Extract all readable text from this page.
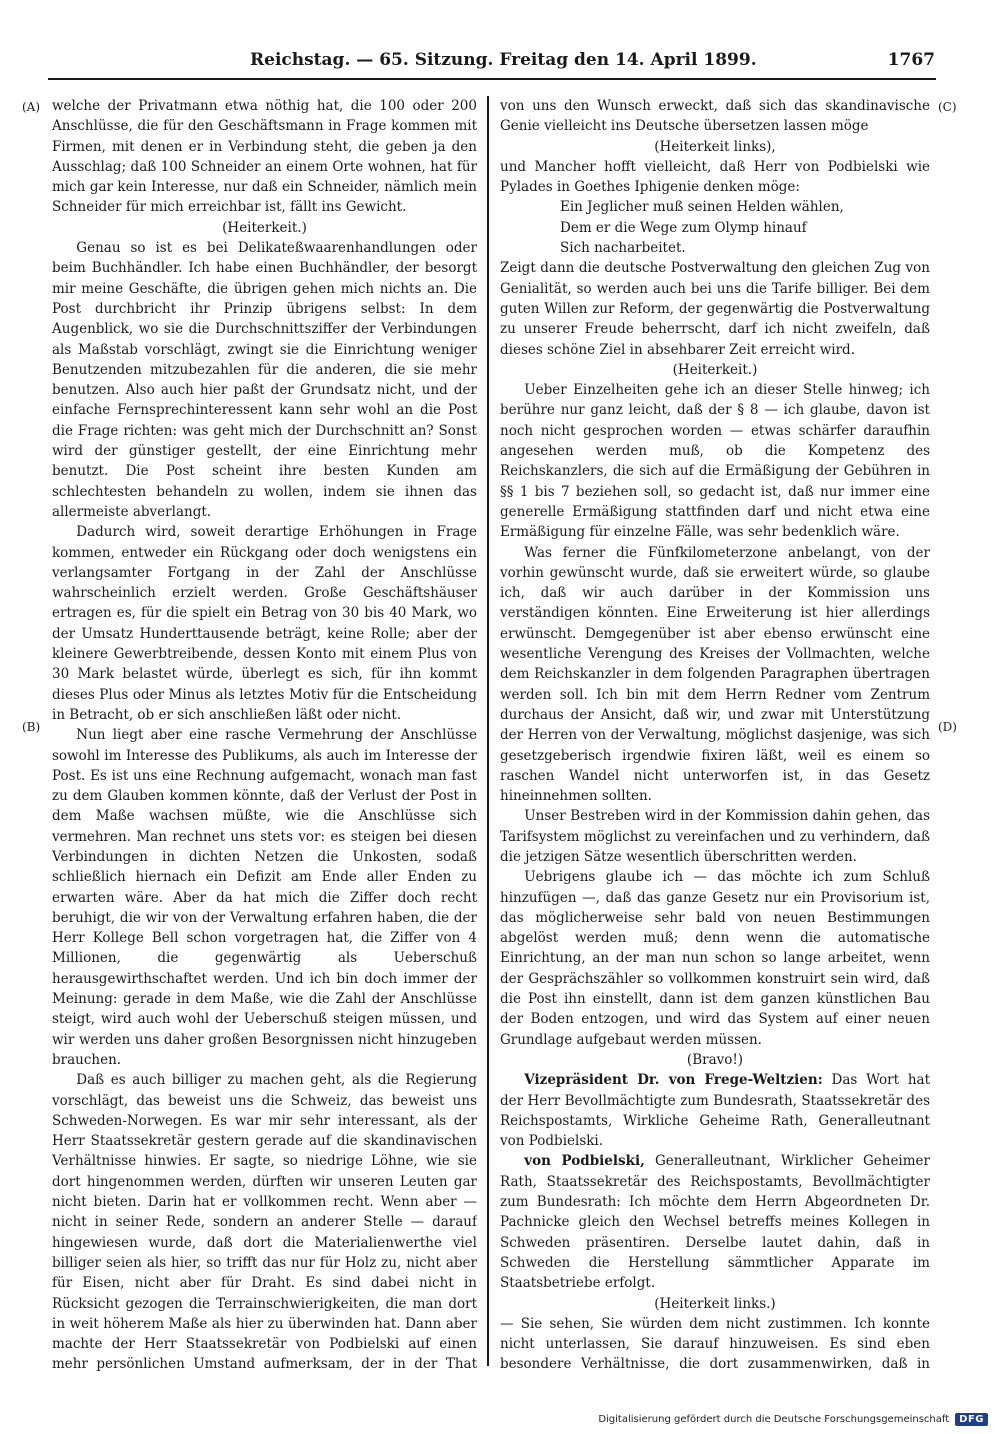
Reichstag. — 65. Sitzung. Freitag den 14. April 1899.	1767
(A)
(B)
(C)
(D)

welche der Privatmann etwa nöthig hat, die 100 oder 200 Anschlüsse, die für den Geschäftsmann in Frage kommen mit Firmen, mit denen er in Verbindung steht, die geben ja den Ausschlag; daß 100 Schneider an einem Orte wohnen, hat für mich gar kein Interesse, nur daß ein Schneider, nämlich mein Schneider für mich erreichbar ist, fällt ins Gewicht.

(Heiterkeit.)

Genau so ist es bei Delikateßwaarenhandlungen oder beim Buchhändler. Ich habe einen Buchhändler, der besorgt mir meine Geschäfte, die übrigen gehen mich nichts an. Die Post durchbricht ihr Prinzip übrigens selbst: In dem Augenblick, wo sie die Durchschnittsziffer der Verbindungen als Maßstab vorschlägt, zwingt sie die Einrichtung weniger Benutzenden mitzubezahlen für die anderen, die sie mehr benutzen. Also auch hier paßt der Grundsatz nicht, und der einfache Fernsprechinteressent kann sehr wohl an die Post die Frage richten: was geht mich der Durchschnitt an? Sonst wird der günstiger gestellt, der eine Einrichtung mehr benutzt. Die Post scheint ihre besten Kunden am schlechtesten behandeln zu wollen, indem sie ihnen das allermeiste abverlangt.

Dadurch wird, soweit derartige Erhöhungen in Frage kommen, entweder ein Rückgang oder doch wenigstens ein verlangsamter Fortgang in der Zahl der Anschlüsse wahrscheinlich erzielt werden. Große Geschäftshäuser ertragen es, für die spielt ein Betrag von 30 bis 40 Mark, wo der Umsatz Hunderttausende beträgt, keine Rolle; aber der kleinere Gewerbtreibende, dessen Konto mit einem Plus von 30 Mark belastet würde, überlegt es sich, für ihn kommt dieses Plus oder Minus als letztes Motiv für die Entscheidung in Betracht, ob er sich anschließen läßt oder nicht.

Nun liegt aber eine rasche Vermehrung der Anschlüsse sowohl im Interesse des Publikums, als auch im Interesse der Post. Es ist uns eine Rechnung aufgemacht, wonach man fast zu dem Glauben kommen könnte, daß der Verlust der Post in dem Maße wachsen müßte, wie die Anschlüsse sich vermehren. Man rechnet uns stets vor: es steigen bei diesen Verbindungen in dichten Netzen die Unkosten, sodaß schließlich hiernach ein Defizit am Ende aller Enden zu erwarten wäre. Aber da hat mich die Ziffer doch recht beruhigt, die wir von der Verwaltung erfahren haben, die der Herr Kollege Bell schon vorgetragen hat, die Ziffer von 4 Millionen, die gegenwärtig als Ueberschuß herausgewirthschaftet werden. Und ich bin doch immer der Meinung: gerade in dem Maße, wie die Zahl der Anschlüsse steigt, wird auch wohl der Ueberschuß steigen müssen, und wir werden uns daher großen Besorgnissen nicht hinzugeben brauchen.

Daß es auch billiger zu machen geht, als die Regierung vorschlägt, das beweist uns die Schweiz, das beweist uns Schweden-Norwegen. Es war mir sehr interessant, als der Herr Staatssekretär gestern gerade auf die skandinavischen Verhältnisse hinwies. Er sagte, so niedrige Löhne, wie sie dort hingenommen werden, dürften wir unseren Leuten gar nicht bieten. Darin hat er vollkommen recht. Wenn aber — nicht in seiner Rede, sondern an anderer Stelle — darauf hingewiesen wurde, daß dort die Materialienwerthe viel billiger seien als hier, so trifft das nur für Holz zu, nicht aber für Eisen, nicht aber für Draht. Es sind dabei nicht in Rücksicht gezogen die Terrainschwierigkeiten, die man dort in weit höherem Maße als hier zu überwinden hat. Dann aber machte der Herr Staatssekretär von Podbielski auf einen mehr persönlichen Umstand aufmerksam, der in der That

von uns den Wunsch erweckt, daß sich das skandinavische Genie vielleicht ins Deutsche übersetzen lassen möge

(Heiterkeit links),

und Mancher hofft vielleicht, daß Herr von Podbielski wie Pylades in Goethes Iphigenie denken möge:

Ein Jeglicher muß seinen Helden wählen,

Dem er die Wege zum Olymp hinauf

Sich nacharbeitet.

Zeigt dann die deutsche Postverwaltung den gleichen Zug von Genialität, so werden auch bei uns die Tarife billiger. Bei dem guten Willen zur Reform, der gegenwärtig die Postverwaltung zu unserer Freude beherrscht, darf ich nicht zweifeln, daß dieses schöne Ziel in absehbarer Zeit erreicht wird.

(Heiterkeit.)

Ueber Einzelheiten gehe ich an dieser Stelle hinweg; ich berühre nur ganz leicht, daß der § 8 — ich glaube, davon ist noch nicht gesprochen worden — etwas schärfer daraufhin angesehen werden muß, ob die Kompetenz des Reichskanzlers, die sich auf die Ermäßigung der Gebühren in §§ 1 bis 7 beziehen soll, so gedacht ist, daß nur immer eine generelle Ermäßigung stattfinden darf und nicht etwa eine Ermäßigung für einzelne Fälle, was sehr bedenklich wäre.

Was ferner die Fünfkilometerzone anbelangt, von der vorhin gewünscht wurde, daß sie erweitert würde, so glaube ich, daß wir auch darüber in der Kommission uns verständigen könnten. Eine Erweiterung ist hier allerdings erwünscht. Demgegenüber ist aber ebenso erwünscht eine wesentliche Verengung des Kreises der Vollmachten, welche dem Reichskanzler in dem folgenden Paragraphen übertragen werden soll. Ich bin mit dem Herrn Redner vom Zentrum durchaus der Ansicht, daß wir, und zwar mit Unterstützung der Herren von der Verwaltung, möglichst dasjenige, was sich gesetzgeberisch irgendwie fixiren läßt, weil es einem so raschen Wandel nicht unterworfen ist, in das Gesetz hineinnehmen sollten.

Unser Bestreben wird in der Kommission dahin gehen, das Tarifsystem möglichst zu vereinfachen und zu verhindern, daß die jetzigen Sätze wesentlich überschritten werden.

Uebrigens glaube ich — das möchte ich zum Schluß hinzufügen —, daß das ganze Gesetz nur ein Provisorium ist, das möglicherweise sehr bald von neuen Bestimmungen abgelöst werden muß; denn wenn die automatische Einrichtung, an der man nun schon so lange arbeitet, wenn der Gesprächszähler so vollkommen konstruirt sein wird, daß die Post ihn einstellt, dann ist dem ganzen künstlichen Bau der Boden entzogen, und wird das System auf einer neuen Grundlage aufgebaut werden müssen.

(Bravo!)

Vizepräsident Dr. von Frege-Weltzien: Das Wort hat der Herr Bevollmächtigte zum Bundesrath, Staatssekretär des Reichspostamts, Wirkliche Geheime Rath, Generalleutnant von Podbielski.

von Podbielski, Generalleutnant, Wirklicher Geheimer Rath, Staatssekretär des Reichspostamts, Bevollmächtigter zum Bundesrath: Ich möchte dem Herrn Abgeordneten Dr. Pachnicke gleich den Wechsel betreffs meines Kollegen in Schweden präsentiren. Derselbe lautet dahin, daß in Schweden die Herstellung sämmtlicher Apparate im Staatsbetriebe erfolgt.

(Heiterkeit links.)

— Sie sehen, Sie würden dem nicht zustimmen. Ich konnte nicht unterlassen, Sie darauf hinzuweisen. Es sind eben besondere Verhältnisse, die dort zusammenwirken, daß in

Digitalisierung gefördert durch die Deutsche Forschungsgemeinschaft	DFG
